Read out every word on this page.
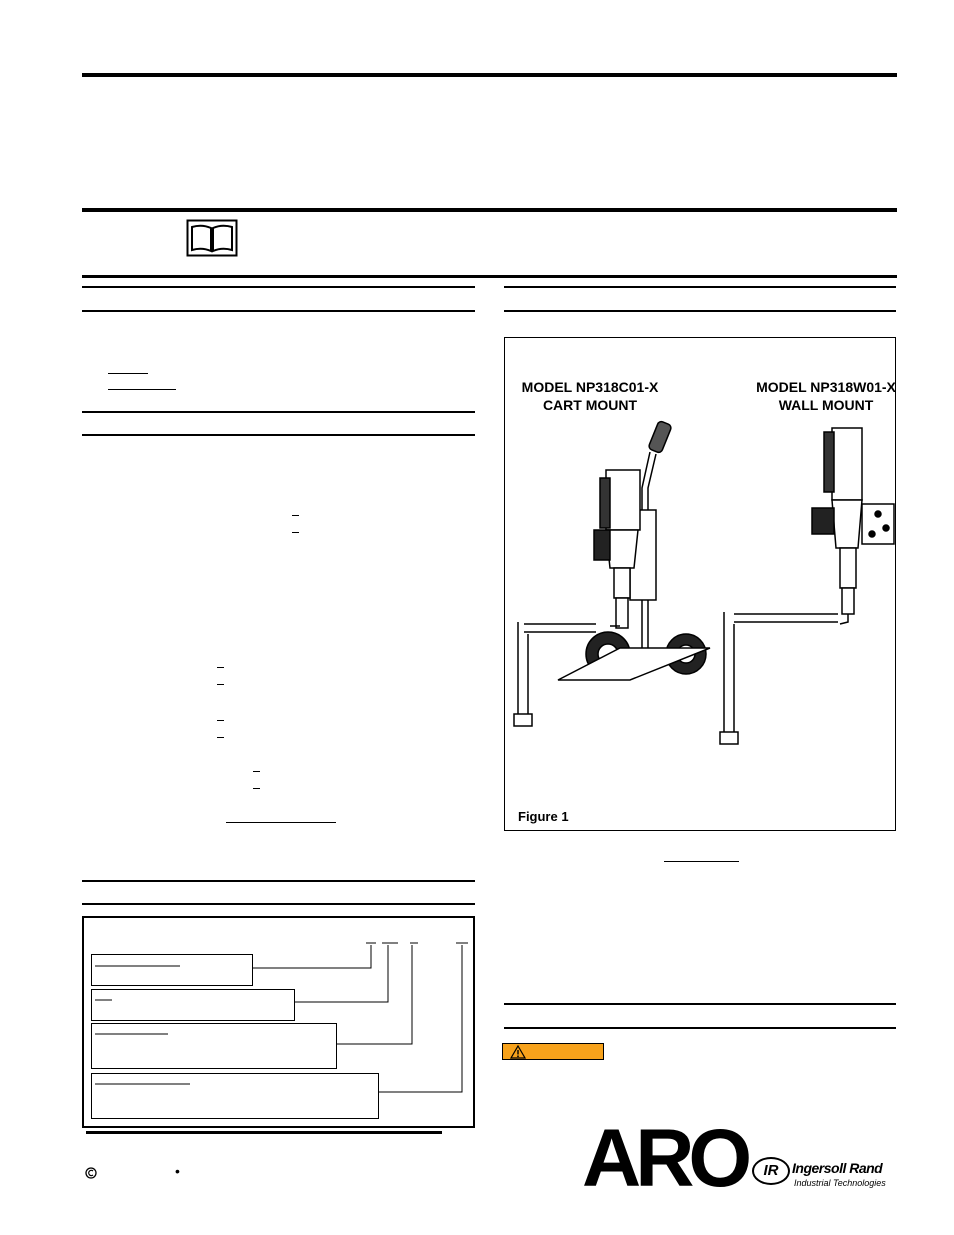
•
MODEL NP318C01-X
CART MOUNT
MODEL NP318W01-X
WALL MOUNT
Figure 1
ARO	IR Ingersoll Rand
Industrial Technologies
